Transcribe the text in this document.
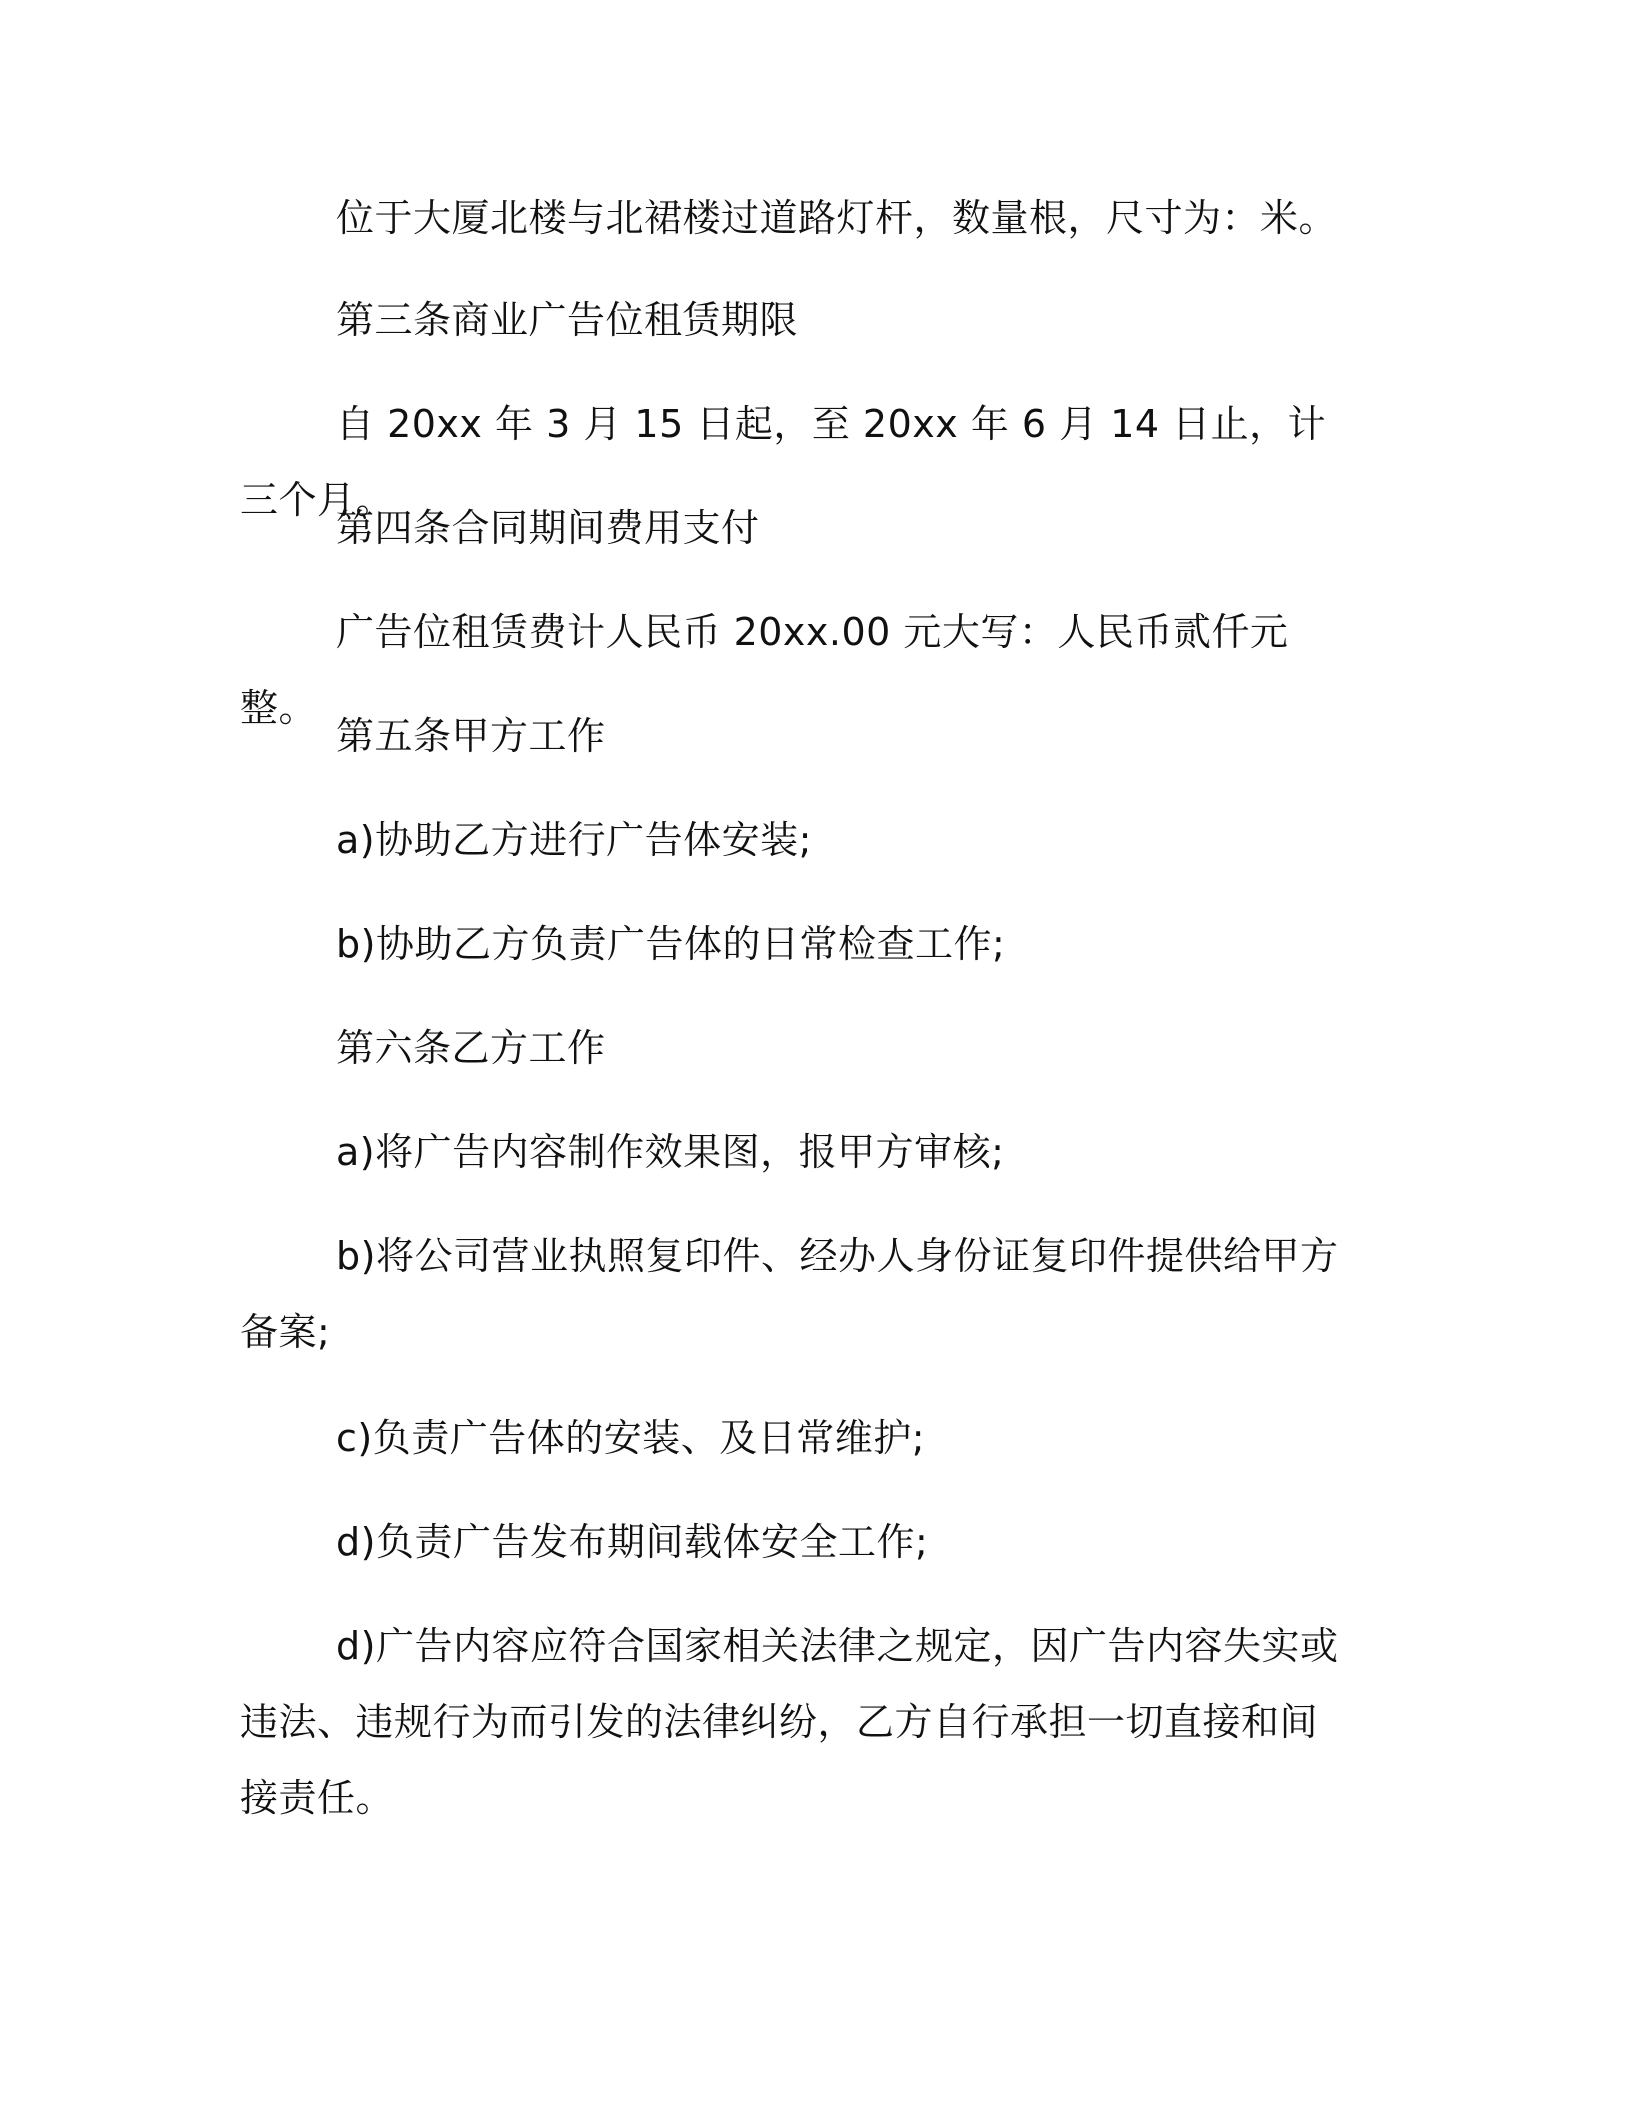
位于大厦北楼与北裙楼过道路灯杆，数量根，尺寸为：米。

第三条商业广告位租赁期限

自 20xx 年 3 月 15 日起，至 20xx 年 6 月 14 日止，计三个月。

第四条合同期间费用支付

广告位租赁费计人民币 20xx.00 元大写：人民币贰仟元整。

第五条甲方工作

a)协助乙方进行广告体安装;

b)协助乙方负责广告体的日常检查工作;

第六条乙方工作

a)将广告内容制作效果图，报甲方审核;

b)将公司营业执照复印件、经办人身份证复印件提供给甲方备案;

c)负责广告体的安装、及日常维护;

d)负责广告发布期间载体安全工作;

d)广告内容应符合国家相关法律之规定，因广告内容失实或违法、违规行为而引发的法律纠纷，乙方自行承担一切直接和间接责任。
